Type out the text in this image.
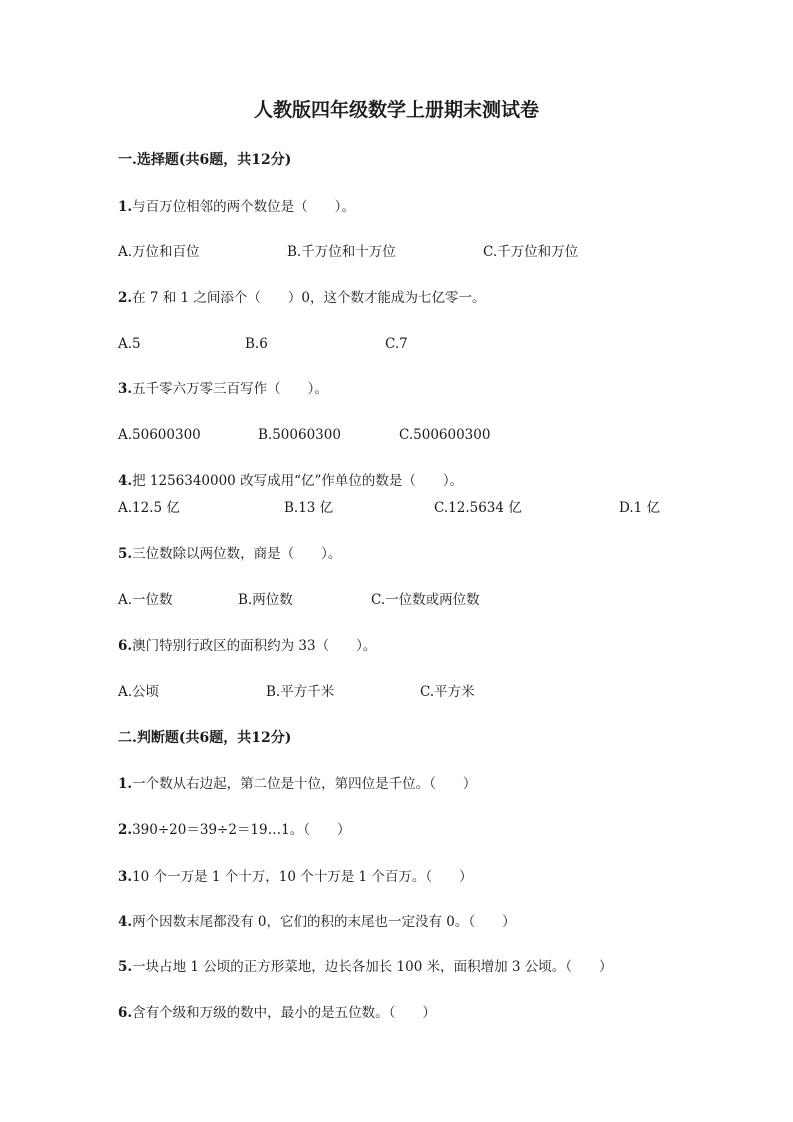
人教版四年级数学上册期末测试卷
一.选择题(共6题，共12分)
1.与百万位相邻的两个数位是（　　）。
A.万位和百位	B.千万位和十万位	C.千万位和万位
2.在 7 和 1 之间添个（　　）0，这个数才能成为七亿零一。
A.5	B.6	C.7
3.五千零六万零三百写作（　　）。
A.50600300	B.50060300	C.500600300
4.把 1256340000 改写成用“亿”作单位的数是（　　）。
A.12.5 亿	B.13 亿	C.12.5634 亿	D.1 亿
5.三位数除以两位数，商是（　　）。
A.一位数	B.两位数	C.一位数或两位数
6.澳门特别行政区的面积约为 33（　　）。
A.公顷	B.平方千米	C.平方米
二.判断题(共6题，共12分)
1.一个数从右边起，第二位是十位，第四位是千位。（　　）
2.390÷20＝39÷2＝19…1。（　　）
3.10 个一万是 1 个十万，10 个十万是 1 个百万。（　　）
4.两个因数末尾都没有 0，它们的积的末尾也一定没有 0。（　　）
5.一块占地 1 公顷的正方形菜地，边长各加长 100 米，面积增加 3 公顷。（　　）
6.含有个级和万级的数中，最小的是五位数。（　　）
